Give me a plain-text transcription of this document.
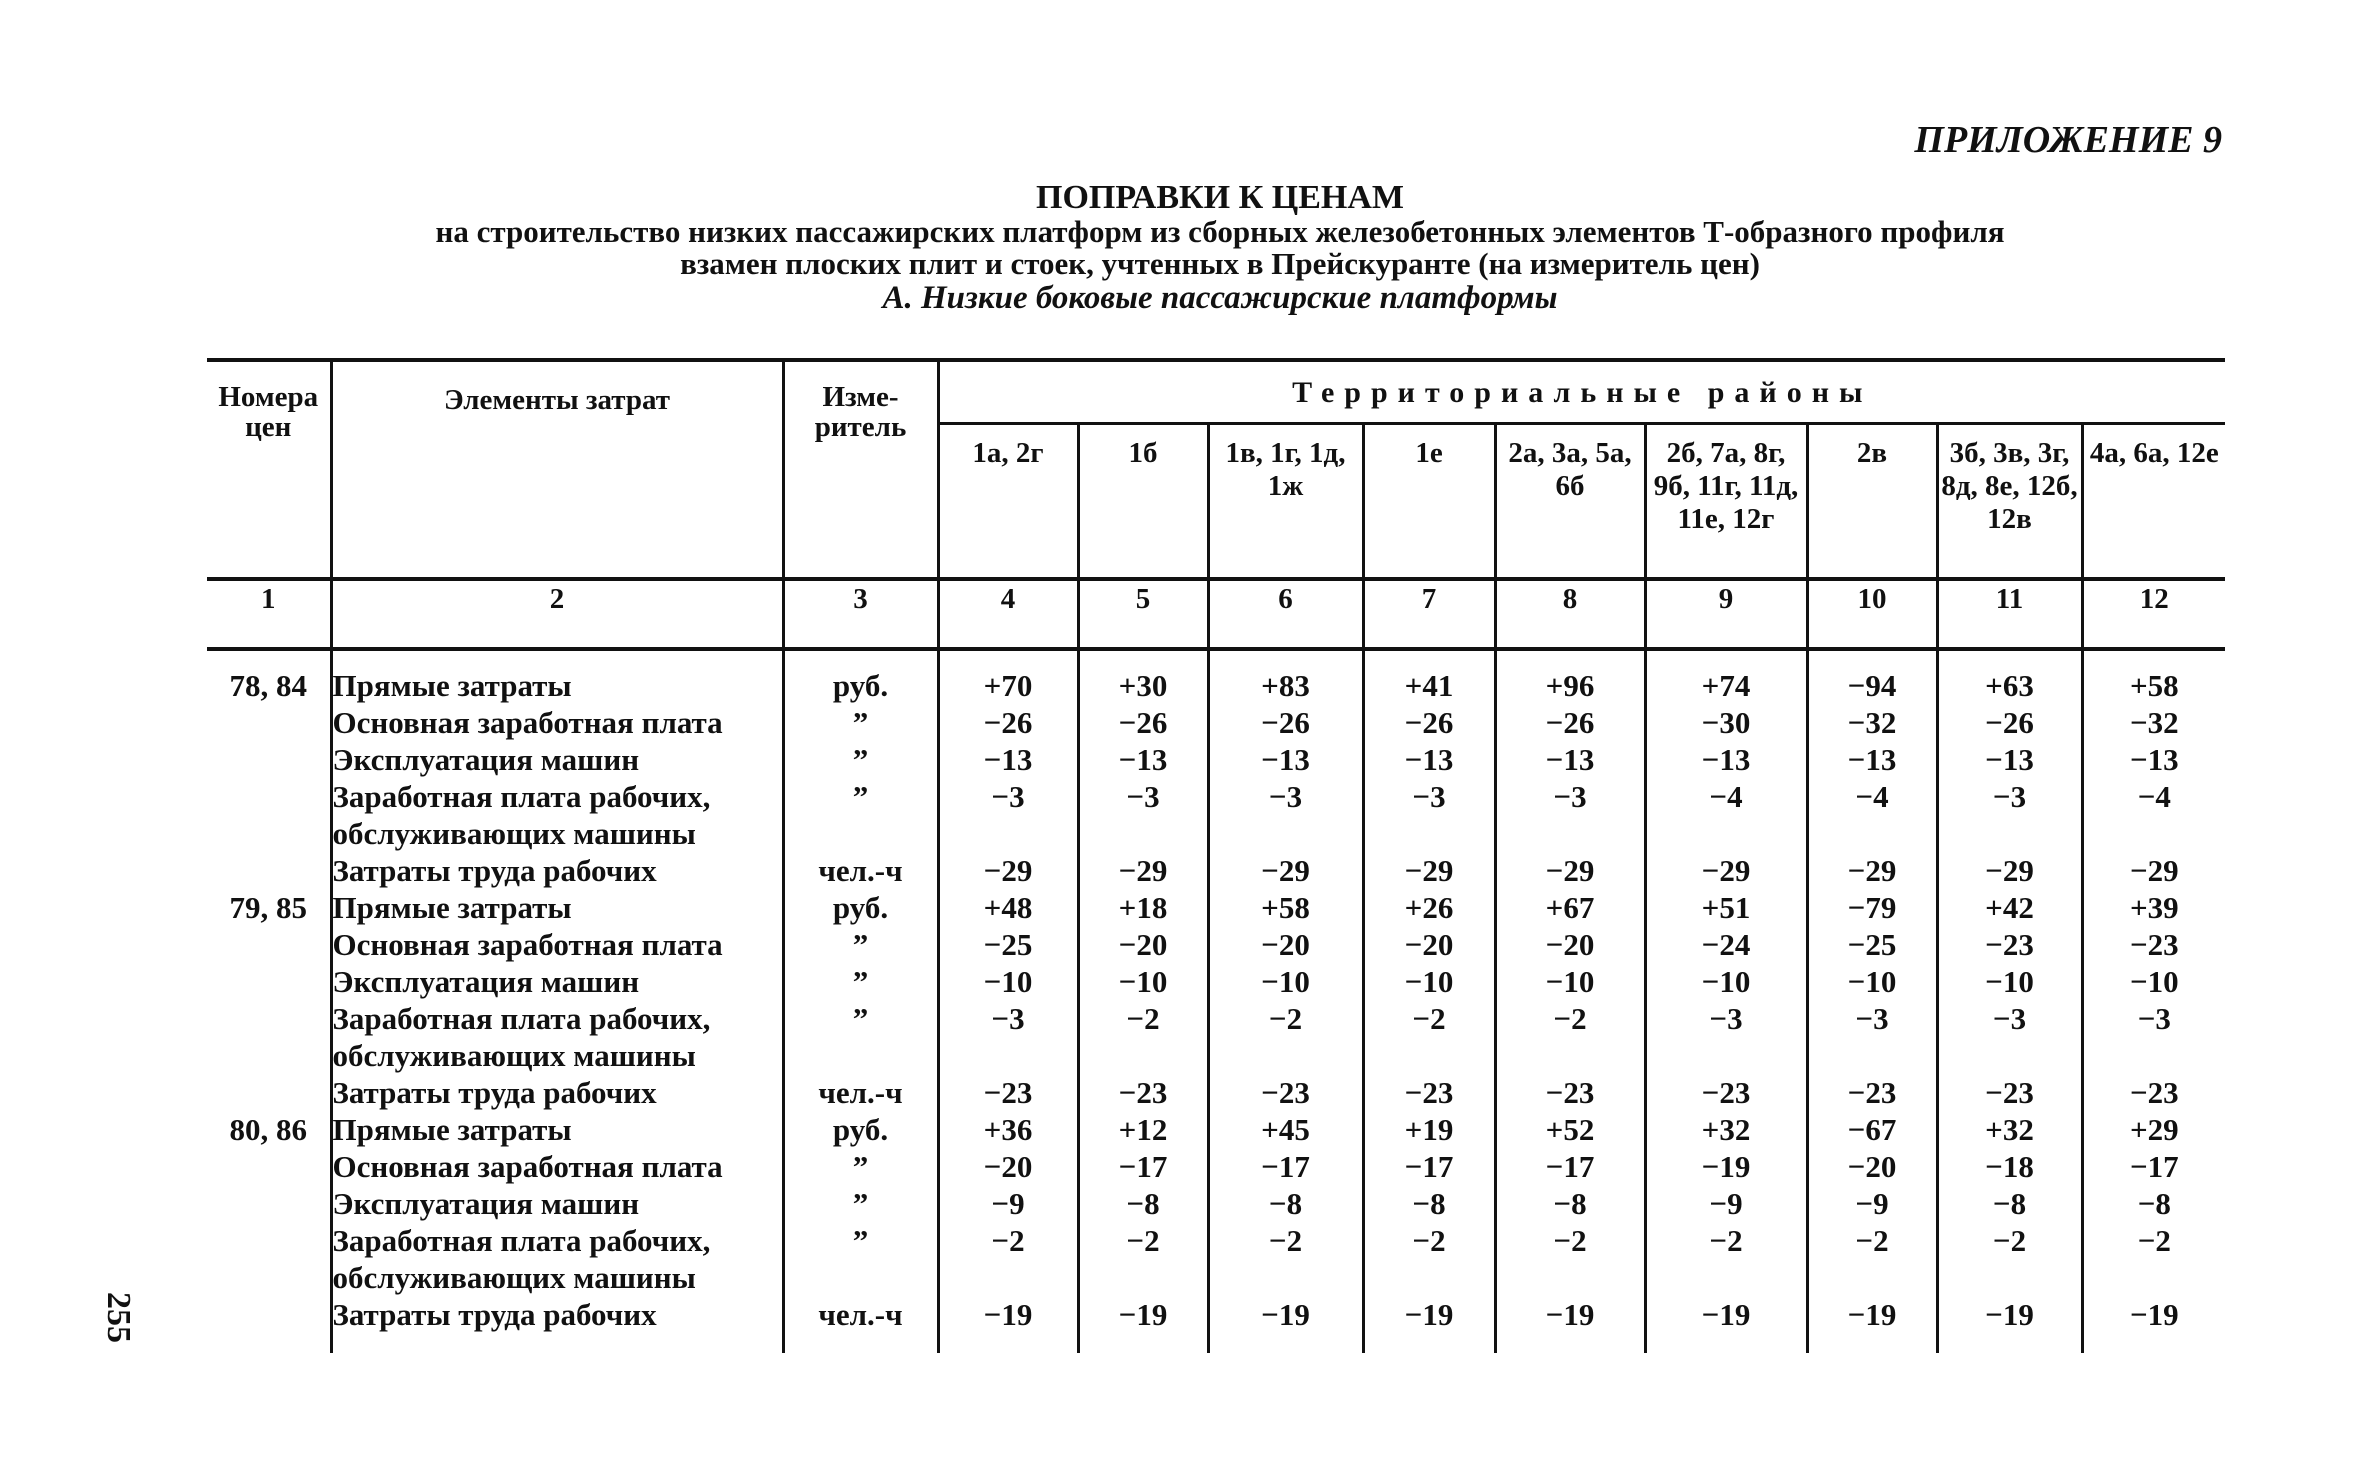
ПРИЛОЖЕНИЕ 9
ПОПРАВКИ К ЦЕНАМ
на строительство низких пассажирских платформ из сборных железобетонных элементов Т-образного профиля
взамен плоских плит и стоек, учтенных в Прейскуранте (на измеритель цен)
А. Низкие боковые пассажирские платформы
255
Номера цен	Элементы затрат	Изме-ритель	Территориальные районы								
			1а, 2г	1б	1в, 1г, 1д, 1ж	1е	2а, 3а, 5а, 6б	2б, 7а, 8г, 9б, 11г, 11д, 11е, 12г	2в	3б, 3в, 3г, 8д, 8е, 12б, 12в	4а, 6а, 12е
1	2	3	4	5	6	7	8	9	10	11	12
78, 84	Прямые затраты	руб.	+70	+30	+83	+41	+96	+74	−94	+63	+58
	Основная заработная плата	”	−26	−26	−26	−26	−26	−30	−32	−26	−32
	Эксплуатация машин	”	−13	−13	−13	−13	−13	−13	−13	−13	−13
	Заработная плата рабочих,	”	−3	−3	−3	−3	−3	−4	−4	−3	−4
	обслуживающих машины										
	Затраты труда рабочих	чел.-ч	−29	−29	−29	−29	−29	−29	−29	−29	−29
79, 85	Прямые затраты	руб.	+48	+18	+58	+26	+67	+51	−79	+42	+39
	Основная заработная плата	”	−25	−20	−20	−20	−20	−24	−25	−23	−23
	Эксплуатация машин	”	−10	−10	−10	−10	−10	−10	−10	−10	−10
	Заработная плата рабочих,	”	−3	−2	−2	−2	−2	−3	−3	−3	−3
	обслуживающих машины										
	Затраты труда рабочих	чел.-ч	−23	−23	−23	−23	−23	−23	−23	−23	−23
80, 86	Прямые затраты	руб.	+36	+12	+45	+19	+52	+32	−67	+32	+29
	Основная заработная плата	”	−20	−17	−17	−17	−17	−19	−20	−18	−17
	Эксплуатация машин	”	−9	−8	−8	−8	−8	−9	−9	−8	−8
	Заработная плата рабочих,	”	−2	−2	−2	−2	−2	−2	−2	−2	−2
	обслуживающих машины										
	Затраты труда рабочих	чел.-ч	−19	−19	−19	−19	−19	−19	−19	−19	−19
